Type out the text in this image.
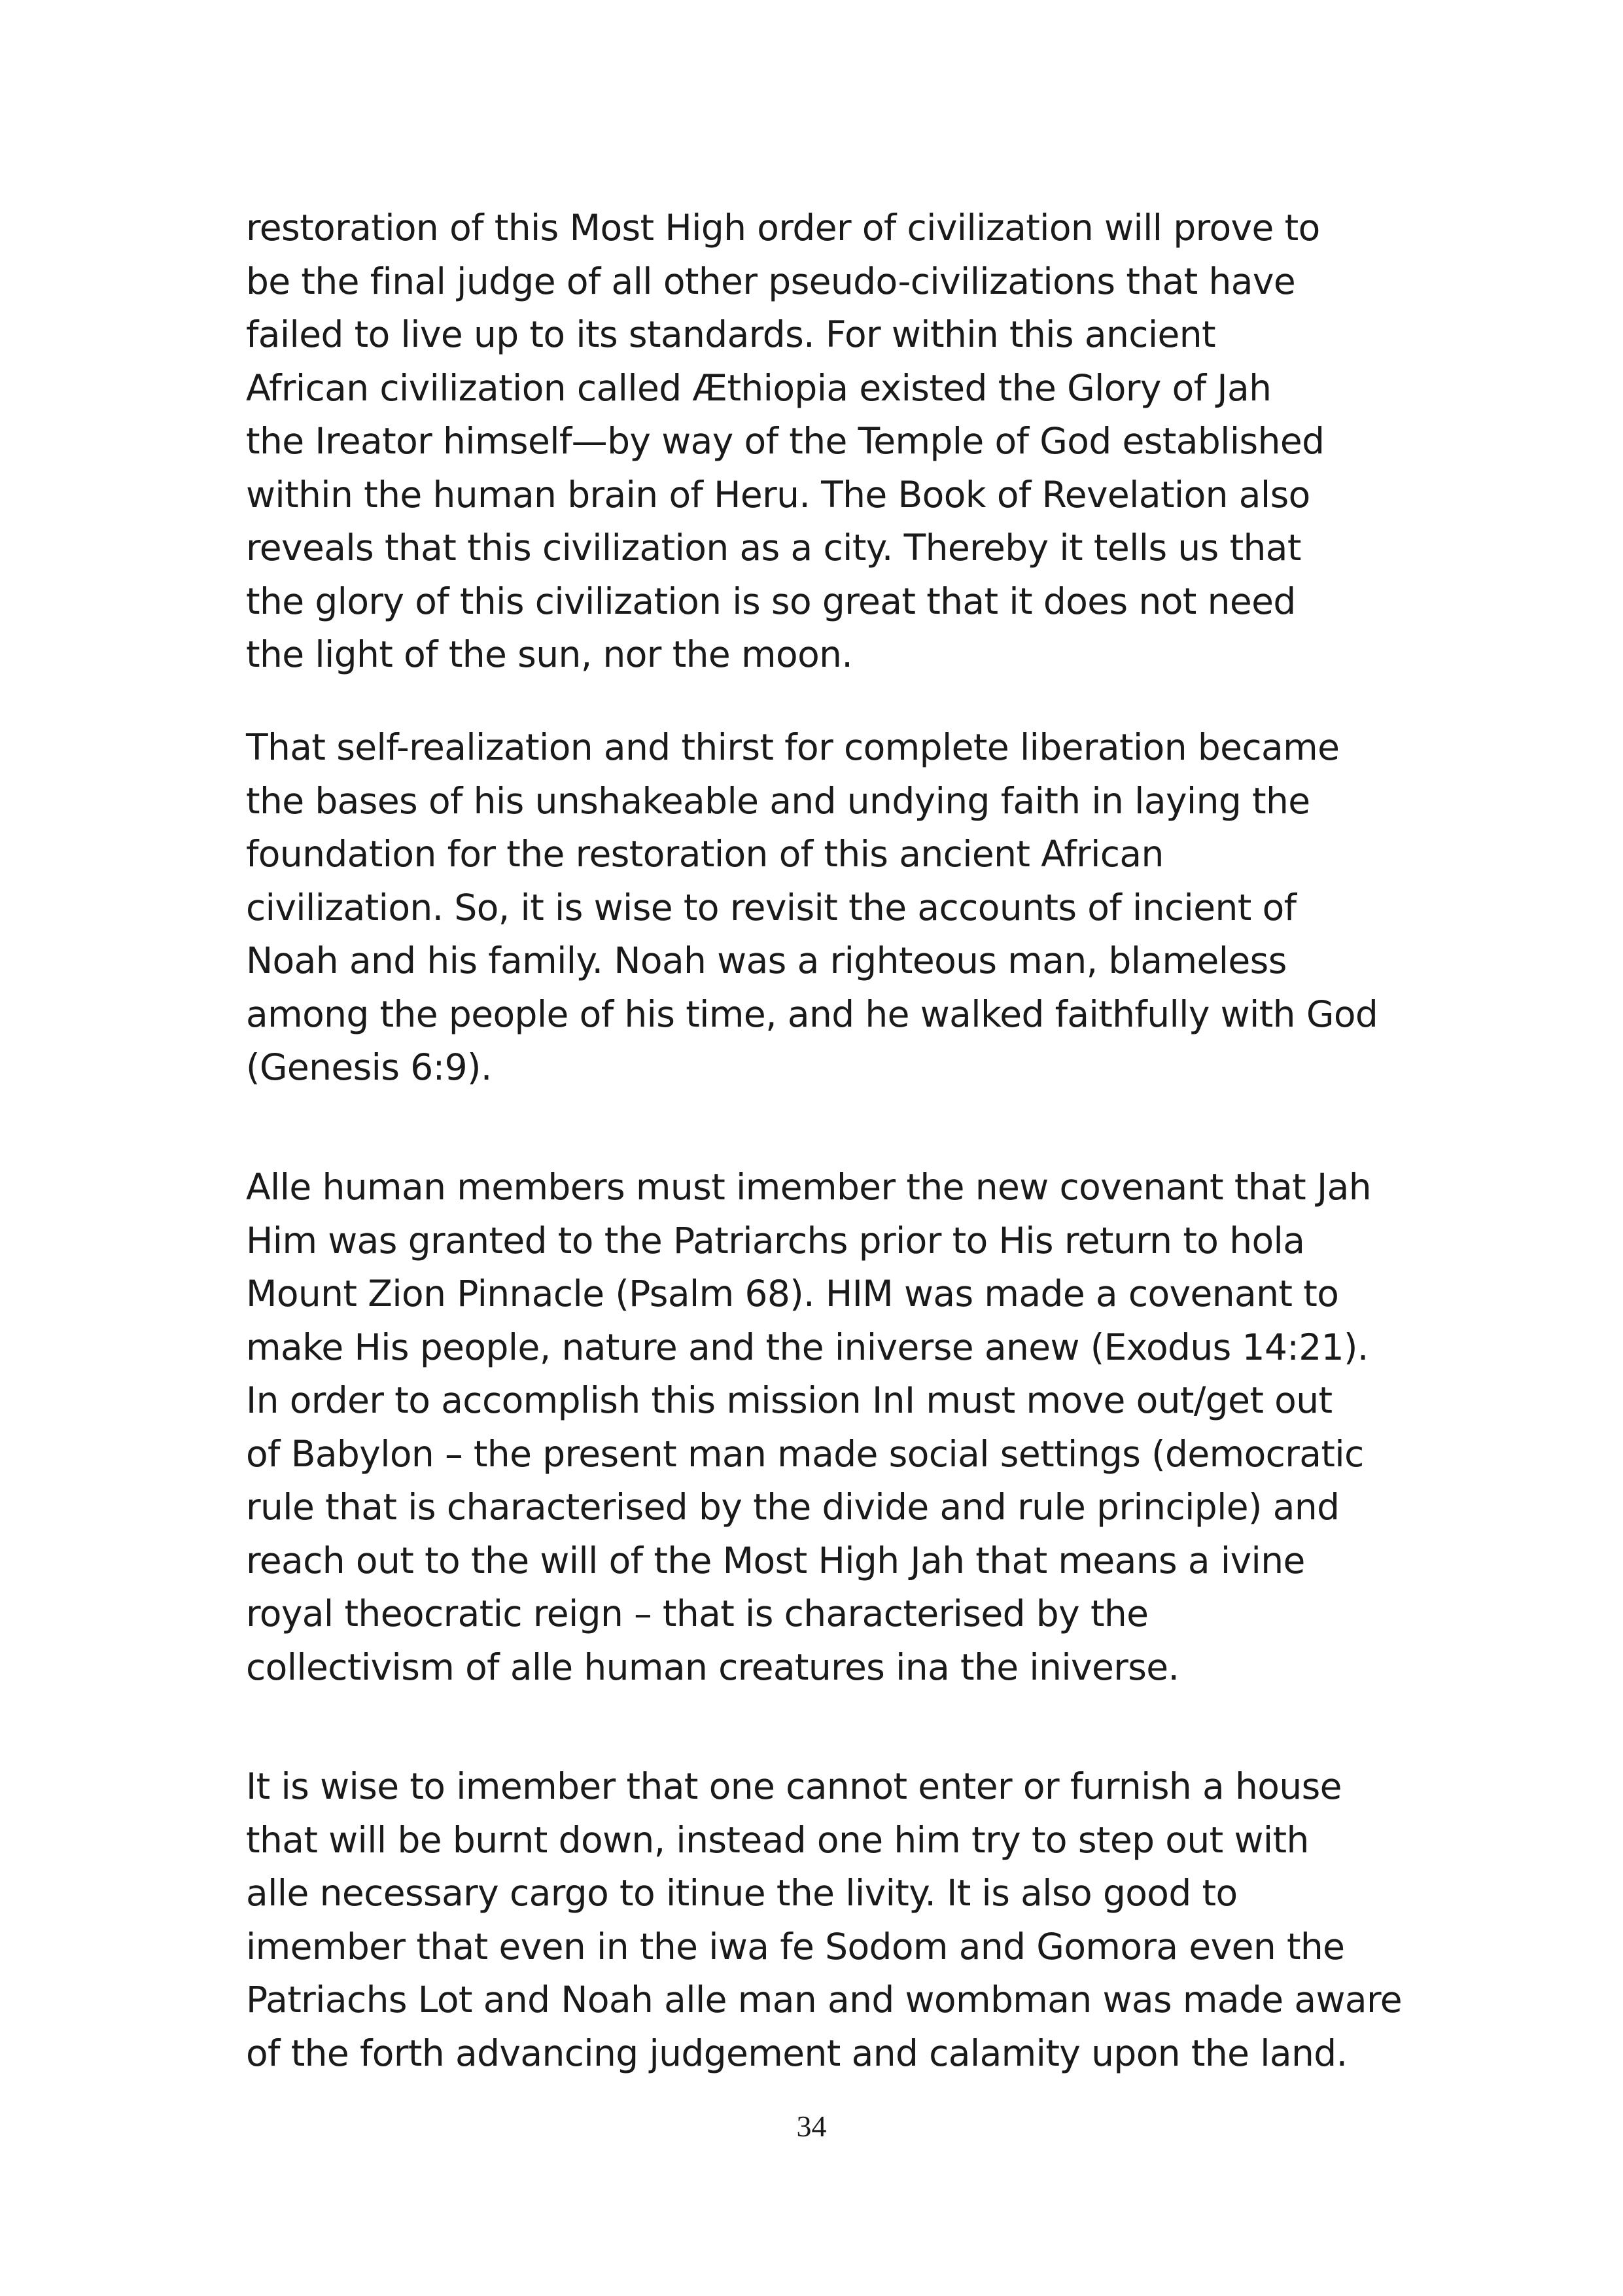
restoration of this Most High order of civilization will prove to
be the final judge of all other pseudo-civilizations that have
failed to live up to its standards. For within this ancient
African civilization called Æthiopia existed the Glory of Jah
the Ireator himself—by way of the Temple of God established
within the human brain of Heru. The Book of Revelation also
reveals that this civilization as a city. Thereby it tells us that
the glory of this civilization is so great that it does not need
the light of the sun, nor the moon.

That self-realization and thirst for complete liberation became
the bases of his unshakeable and undying faith in laying the
foundation for the restoration of this ancient African
civilization. So, it is wise to revisit the accounts of incient of
Noah and his family. Noah was a righteous man, blameless
among the people of his time, and he walked faithfully with God
(Genesis 6:9).

Alle human members must imember the new covenant that Jah
Him was granted to the Patriarchs prior to His return to hola
Mount Zion Pinnacle (Psalm 68). HIM was made a covenant to
make His people, nature and the iniverse anew (Exodus 14:21).
In order to accomplish this mission InI must move out/get out
of Babylon – the present man made social settings (democratic
rule that is characterised by the divide and rule principle) and
reach out to the will of the Most High Jah that means a ivine
royal theocratic reign – that is characterised by the
collectivism of alle human creatures ina the iniverse.

It is wise to imember that one cannot enter or furnish a house
that will be burnt down, instead one him try to step out with
alle necessary cargo to itinue the livity. It is also good to
imember that even in the iwa fe Sodom and Gomora even the
Patriachs Lot and Noah alle man and wombman was made aware
of the forth advancing judgement and calamity upon the land.

34
